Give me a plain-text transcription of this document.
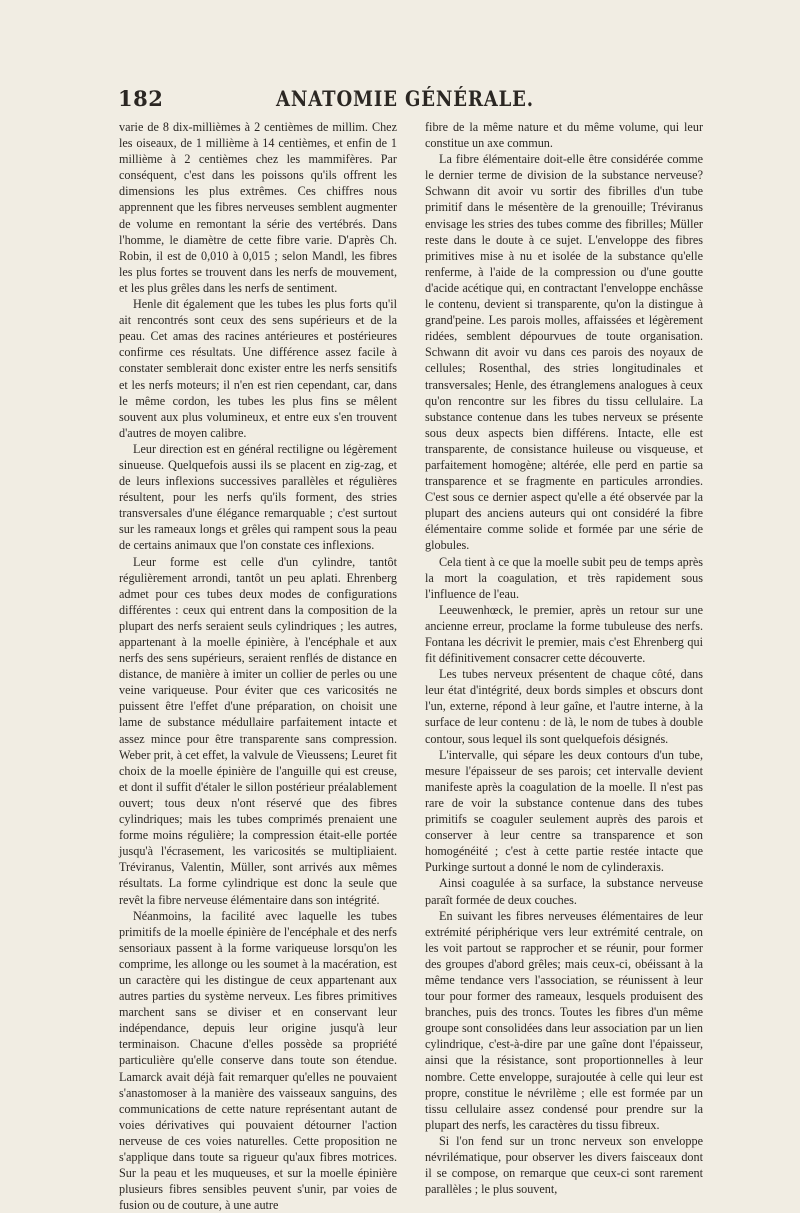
182	ANATOMIE GÉNÉRALE.

varie de 8 dix-millièmes à 2 centièmes de millim. Chez les oiseaux, de 1 millième à 14 centièmes, et enfin de 1 millième à 2 centièmes chez les mammifères. Par conséquent, c'est dans les poissons qu'ils offrent les dimensions les plus extrêmes. Ces chiffres nous apprennent que les fibres nerveuses semblent augmenter de volume en remontant la série des vertébrés. Dans l'homme, le diamètre de cette fibre varie. D'après Ch. Robin, il est de 0,010 à 0,015 ; selon Mandl, les fibres les plus fortes se trouvent dans les nerfs de mouvement, et les plus grêles dans les nerfs de sentiment.

Henle dit également que les tubes les plus forts qu'il ait rencontrés sont ceux des sens supérieurs et de la peau. Cet amas des racines antérieures et postérieures confirme ces résultats. Une différence assez facile à constater semblerait donc exister entre les nerfs sensitifs et les nerfs moteurs; il n'en est rien cependant, car, dans le même cordon, les tubes les plus fins se mêlent souvent aux plus volumineux, et entre eux s'en trouvent d'autres de moyen calibre.

Leur direction est en général rectiligne ou légèrement sinueuse. Quelquefois aussi ils se placent en zig-zag, et de leurs inflexions successives parallèles et régulières résultent, pour les nerfs qu'ils forment, des stries transversales d'une élégance remarquable ; c'est surtout sur les rameaux longs et grêles qui rampent sous la peau de certains animaux que l'on constate ces inflexions.

Leur forme est celle d'un cylindre, tantôt régulièrement arrondi, tantôt un peu aplati. Ehrenberg admet pour ces tubes deux modes de configurations différentes : ceux qui entrent dans la composition de la plupart des nerfs seraient seuls cylindriques ; les autres, appartenant à la moelle épinière, à l'encéphale et aux nerfs des sens supérieurs, seraient renflés de distance en distance, de manière à imiter un collier de perles ou une veine variqueuse. Pour éviter que ces varicosités ne puissent être l'effet d'une préparation, on choisit une lame de substance médullaire parfaitement intacte et assez mince pour être transparente sans compression. Weber prit, à cet effet, la valvule de Vieussens; Leuret fit choix de la moelle épinière de l'anguille qui est creuse, et dont il suffit d'étaler le sillon postérieur préalablement ouvert; tous deux n'ont réservé que des fibres cylindriques; mais les tubes comprimés prenaient une forme moins régulière; la compression était-elle portée jusqu'à l'écrasement, les varicosités se multipliaient. Tréviranus, Valentin, Müller, sont arrivés aux mêmes résultats. La forme cylindrique est donc la seule que revêt la fibre nerveuse élémentaire dans son intégrité.

Néanmoins, la facilité avec laquelle les tubes primitifs de la moelle épinière de l'encéphale et des nerfs sensoriaux passent à la forme variqueuse lorsqu'on les comprime, les allonge ou les soumet à la macération, est un caractère qui les distingue de ceux appartenant aux autres parties du système nerveux. Les fibres primitives marchent sans se diviser et en conservant leur indépendance, depuis leur origine jusqu'à leur terminaison. Chacune d'elles possède sa propriété particulière qu'elle conserve dans toute son étendue. Lamarck avait déjà fait remarquer qu'elles ne pouvaient s'anastomoser à la manière des vaisseaux sanguins, des communications de cette nature représentant autant de voies dérivatives qui pouvaient détourner l'action nerveuse de ces voies naturelles. Cette proposition ne s'applique dans toute sa rigueur qu'aux fibres motrices. Sur la peau et les muqueuses, et sur la moelle épinière plusieurs fibres sensibles peuvent s'unir, par voies de fusion ou de couture, à une autre

fibre de la même nature et du même volume, qui leur constitue un axe commun.

La fibre élémentaire doit-elle être considérée comme le dernier terme de division de la substance nerveuse? Schwann dit avoir vu sortir des fibrilles d'un tube primitif dans le mésentère de la grenouille; Tréviranus envisage les stries des tubes comme des fibrilles; Müller reste dans le doute à ce sujet. L'enveloppe des fibres primitives mise à nu et isolée de la substance qu'elle renferme, à l'aide de la compression ou d'une goutte d'acide acétique qui, en contractant l'enveloppe enchâsse le contenu, devient si transparente, qu'on la distingue à grand'peine. Les parois molles, affaissées et légèrement ridées, semblent dépourvues de toute organisation. Schwann dit avoir vu dans ces parois des noyaux de cellules; Rosenthal, des stries longitudinales et transversales; Henle, des étranglemens analogues à ceux qu'on rencontre sur les fibres du tissu cellulaire. La substance contenue dans les tubes nerveux se présente sous deux aspects bien différens. Intacte, elle est transparente, de consistance huileuse ou visqueuse, et parfaitement homogène; altérée, elle perd en partie sa transparence et se fragmente en particules arrondies. C'est sous ce dernier aspect qu'elle a été observée par la plupart des anciens auteurs qui ont considéré la fibre élémentaire comme solide et formée par une série de globules.

Cela tient à ce que la moelle subit peu de temps après la mort la coagulation, et très rapidement sous l'influence de l'eau.

Leeuwenhœck, le premier, après un retour sur une ancienne erreur, proclame la forme tubuleuse des nerfs. Fontana les décrivit le premier, mais c'est Ehrenberg qui fit définitivement consacrer cette découverte.

Les tubes nerveux présentent de chaque côté, dans leur état d'intégrité, deux bords simples et obscurs dont l'un, externe, répond à leur gaîne, et l'autre interne, à la surface de leur contenu : de là, le nom de tubes à double contour, sous lequel ils sont quelquefois désignés.

L'intervalle, qui sépare les deux contours d'un tube, mesure l'épaisseur de ses parois; cet intervalle devient manifeste après la coagulation de la moelle. Il n'est pas rare de voir la substance contenue dans des tubes primitifs se coaguler seulement auprès des parois et conserver à leur centre sa transparence et son homogénéité ; c'est à cette partie restée intacte que Purkinge surtout a donné le nom de cylinderaxis.

Ainsi coagulée à sa surface, la substance nerveuse paraît formée de deux couches.

En suivant les fibres nerveuses élémentaires de leur extrémité périphérique vers leur extrémité centrale, on les voit partout se rapprocher et se réunir, pour former des groupes d'abord grêles; mais ceux-ci, obéissant à la même tendance vers l'association, se réunissent à leur tour pour former des rameaux, lesquels produisent des branches, puis des troncs. Toutes les fibres d'un même groupe sont consolidées dans leur association par un lien cylindrique, c'est-à-dire par une gaîne dont l'épaisseur, ainsi que la résistance, sont proportionnelles à leur nombre. Cette enveloppe, surajoutée à celle qui leur est propre, constitue le névrilème ; elle est formée par un tissu cellulaire assez condensé pour prendre sur la plupart des nerfs, les caractères du tissu fibreux.

Si l'on fend sur un tronc nerveux son enveloppe névrilématique, pour observer les divers faisceaux dont il se compose, on remarque que ceux-ci sont rarement parallèles ; le plus souvent,
